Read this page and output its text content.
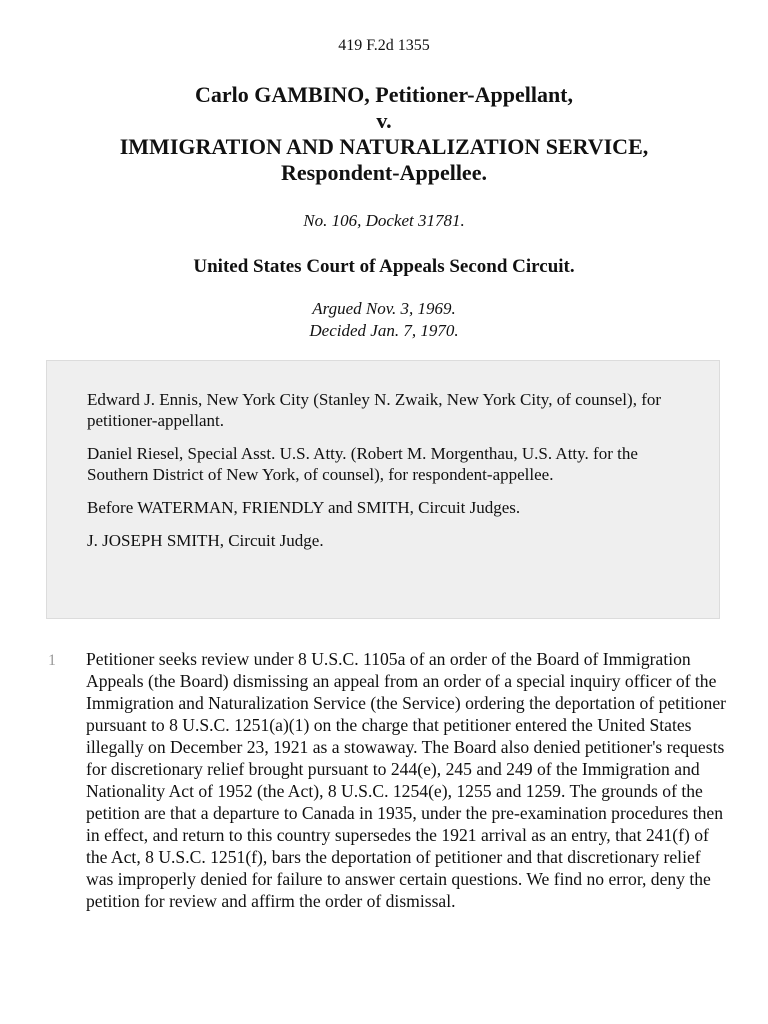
419 F.2d 1355
Carlo GAMBINO, Petitioner-Appellant,
v.
IMMIGRATION AND NATURALIZATION SERVICE,
Respondent-Appellee.
No. 106, Docket 31781.
United States Court of Appeals Second Circuit.
Argued Nov. 3, 1969.
Decided Jan. 7, 1970.

Edward J. Ennis, New York City (Stanley N. Zwaik, New York City, of counsel), for petitioner-appellant.

Daniel Riesel, Special Asst. U.S. Atty. (Robert M. Morgenthau, U.S. Atty. for the Southern District of New York, of counsel), for respondent-appellee.

Before WATERMAN, FRIENDLY and SMITH, Circuit Judges.

J. JOSEPH SMITH, Circuit Judge.

1 Petitioner seeks review under 8 U.S.C. 1105a of an order of the Board of Immigration Appeals (the Board) dismissing an appeal from an order of a special inquiry officer of the Immigration and Naturalization Service (the Service) ordering the deportation of petitioner pursuant to 8 U.S.C. 1251(a)(1) on the charge that petitioner entered the United States illegally on December 23, 1921 as a stowaway. The Board also denied petitioner's requests for discretionary relief brought pursuant to 244(e), 245 and 249 of the Immigration and Nationality Act of 1952 (the Act), 8 U.S.C. 1254(e), 1255 and 1259. The grounds of the petition are that a departure to Canada in 1935, under the pre-examination procedures then in effect, and return to this country supersedes the 1921 arrival as an entry, that 241(f) of the Act, 8 U.S.C. 1251(f), bars the deportation of petitioner and that discretionary relief was improperly denied for failure to answer certain questions. We find no error, deny the petition for review and affirm the order of dismissal.
